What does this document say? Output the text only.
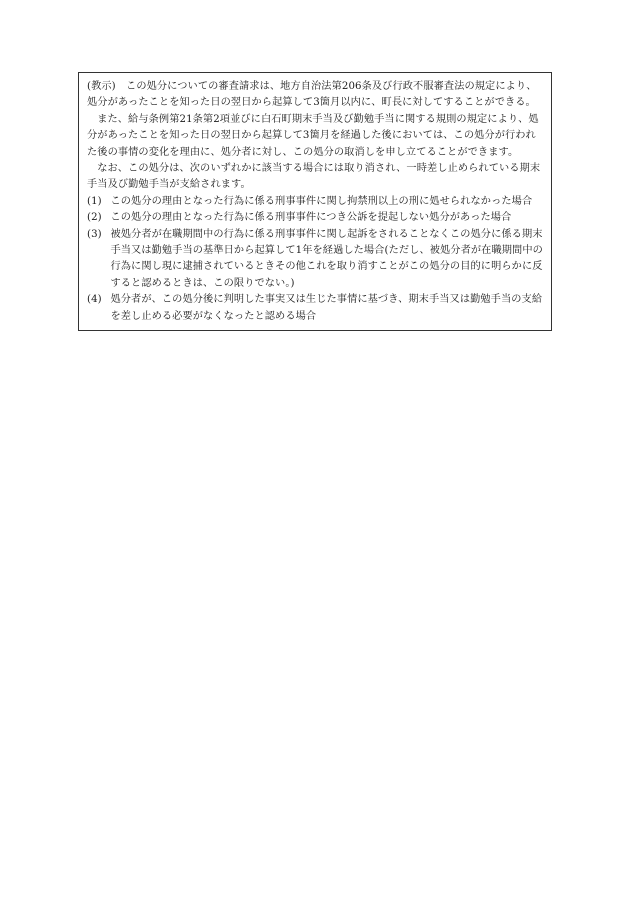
(教示)　 この処分についての審査請求は、地方自治法第206条及び行政不服審査法の規定により、処分があったことを知った日の翌日から起算して3箇月以内に、町長に対してすることができる。

また、給与条例第21条第2項並びに白石町期末手当及び勤勉手当に関する規則の規定により、処分があったことを知った日の翌日から起算して3箇月を経過した後においては、この処分が行われた後の事情の変化を理由に、処分者に対し、この処分の取消しを申し立てることができます。

なお、この処分は、次のいずれかに該当する場合には取り消され、一時差し止められている期末手当及び勤勉手当が支給されます。

(1) この処分の理由となった行為に係る刑事事件に関し拘禁刑以上の刑に処せられなかった場合
(2) この処分の理由となった行為に係る刑事事件につき公訴を提起しない処分があった場合
(3) 被処分者が在職期間中の行為に係る刑事事件に関し起訴をされることなくこの処分に係る期末手当又は勤勉手当の基準日から起算して1年を経過した場合(ただし、被処分者が在職期間中の行為に関し現に逮捕されているときその他これを取り消すことがこの処分の目的に明らかに反すると認めるときは、この限りでない。)
(4) 処分者が、この処分後に判明した事実又は生じた事情に基づき、期末手当又は勤勉手当の支給を差し止める必要がなくなったと認める場合
